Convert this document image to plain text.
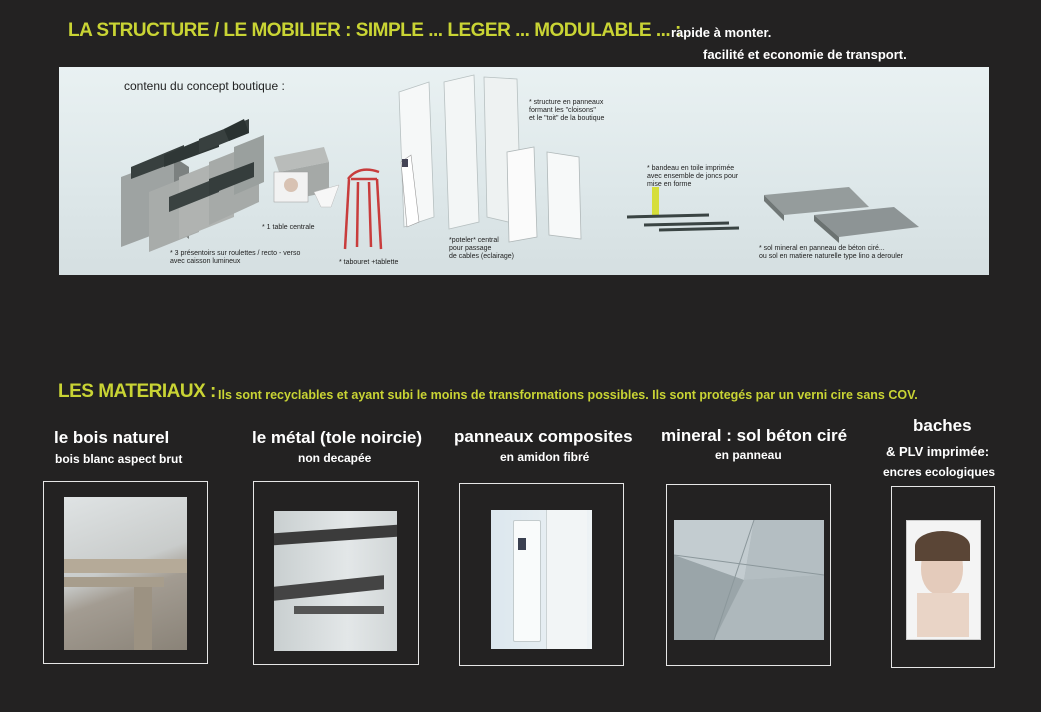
LA STRUCTURE / LE MOBILIER : SIMPLE ... LEGER ... MODULABLE ... :
rapide à monter.
facilité et economie de transport.
contenu du concept boutique :
* 3 présentoirs sur roulettes / recto - verso
avec caisson lumineux
* 1 table centrale
* tabouret +tablette
*poteler* central
pour passage
de cables (eclairage)
* structure en panneaux
formant les "cloisons"
et le "toit" de la boutique
* bandeau en toile imprimée
avec ensemble de joncs pour
mise en forme
* sol mineral en panneau de béton ciré...
ou sol en matiere naturelle type lino a derouler
LES MATERIAUX : Ils sont recyclables et ayant subi le moins de transformations possibles. Ils sont protegés par un verni cire sans COV.
le bois naturel
bois blanc aspect brut
le métal (tole noircie)
non decapée
panneaux composites
en amidon fibré
mineral : sol béton ciré
en panneau
baches
& PLV imprimée:
encres ecologiques
